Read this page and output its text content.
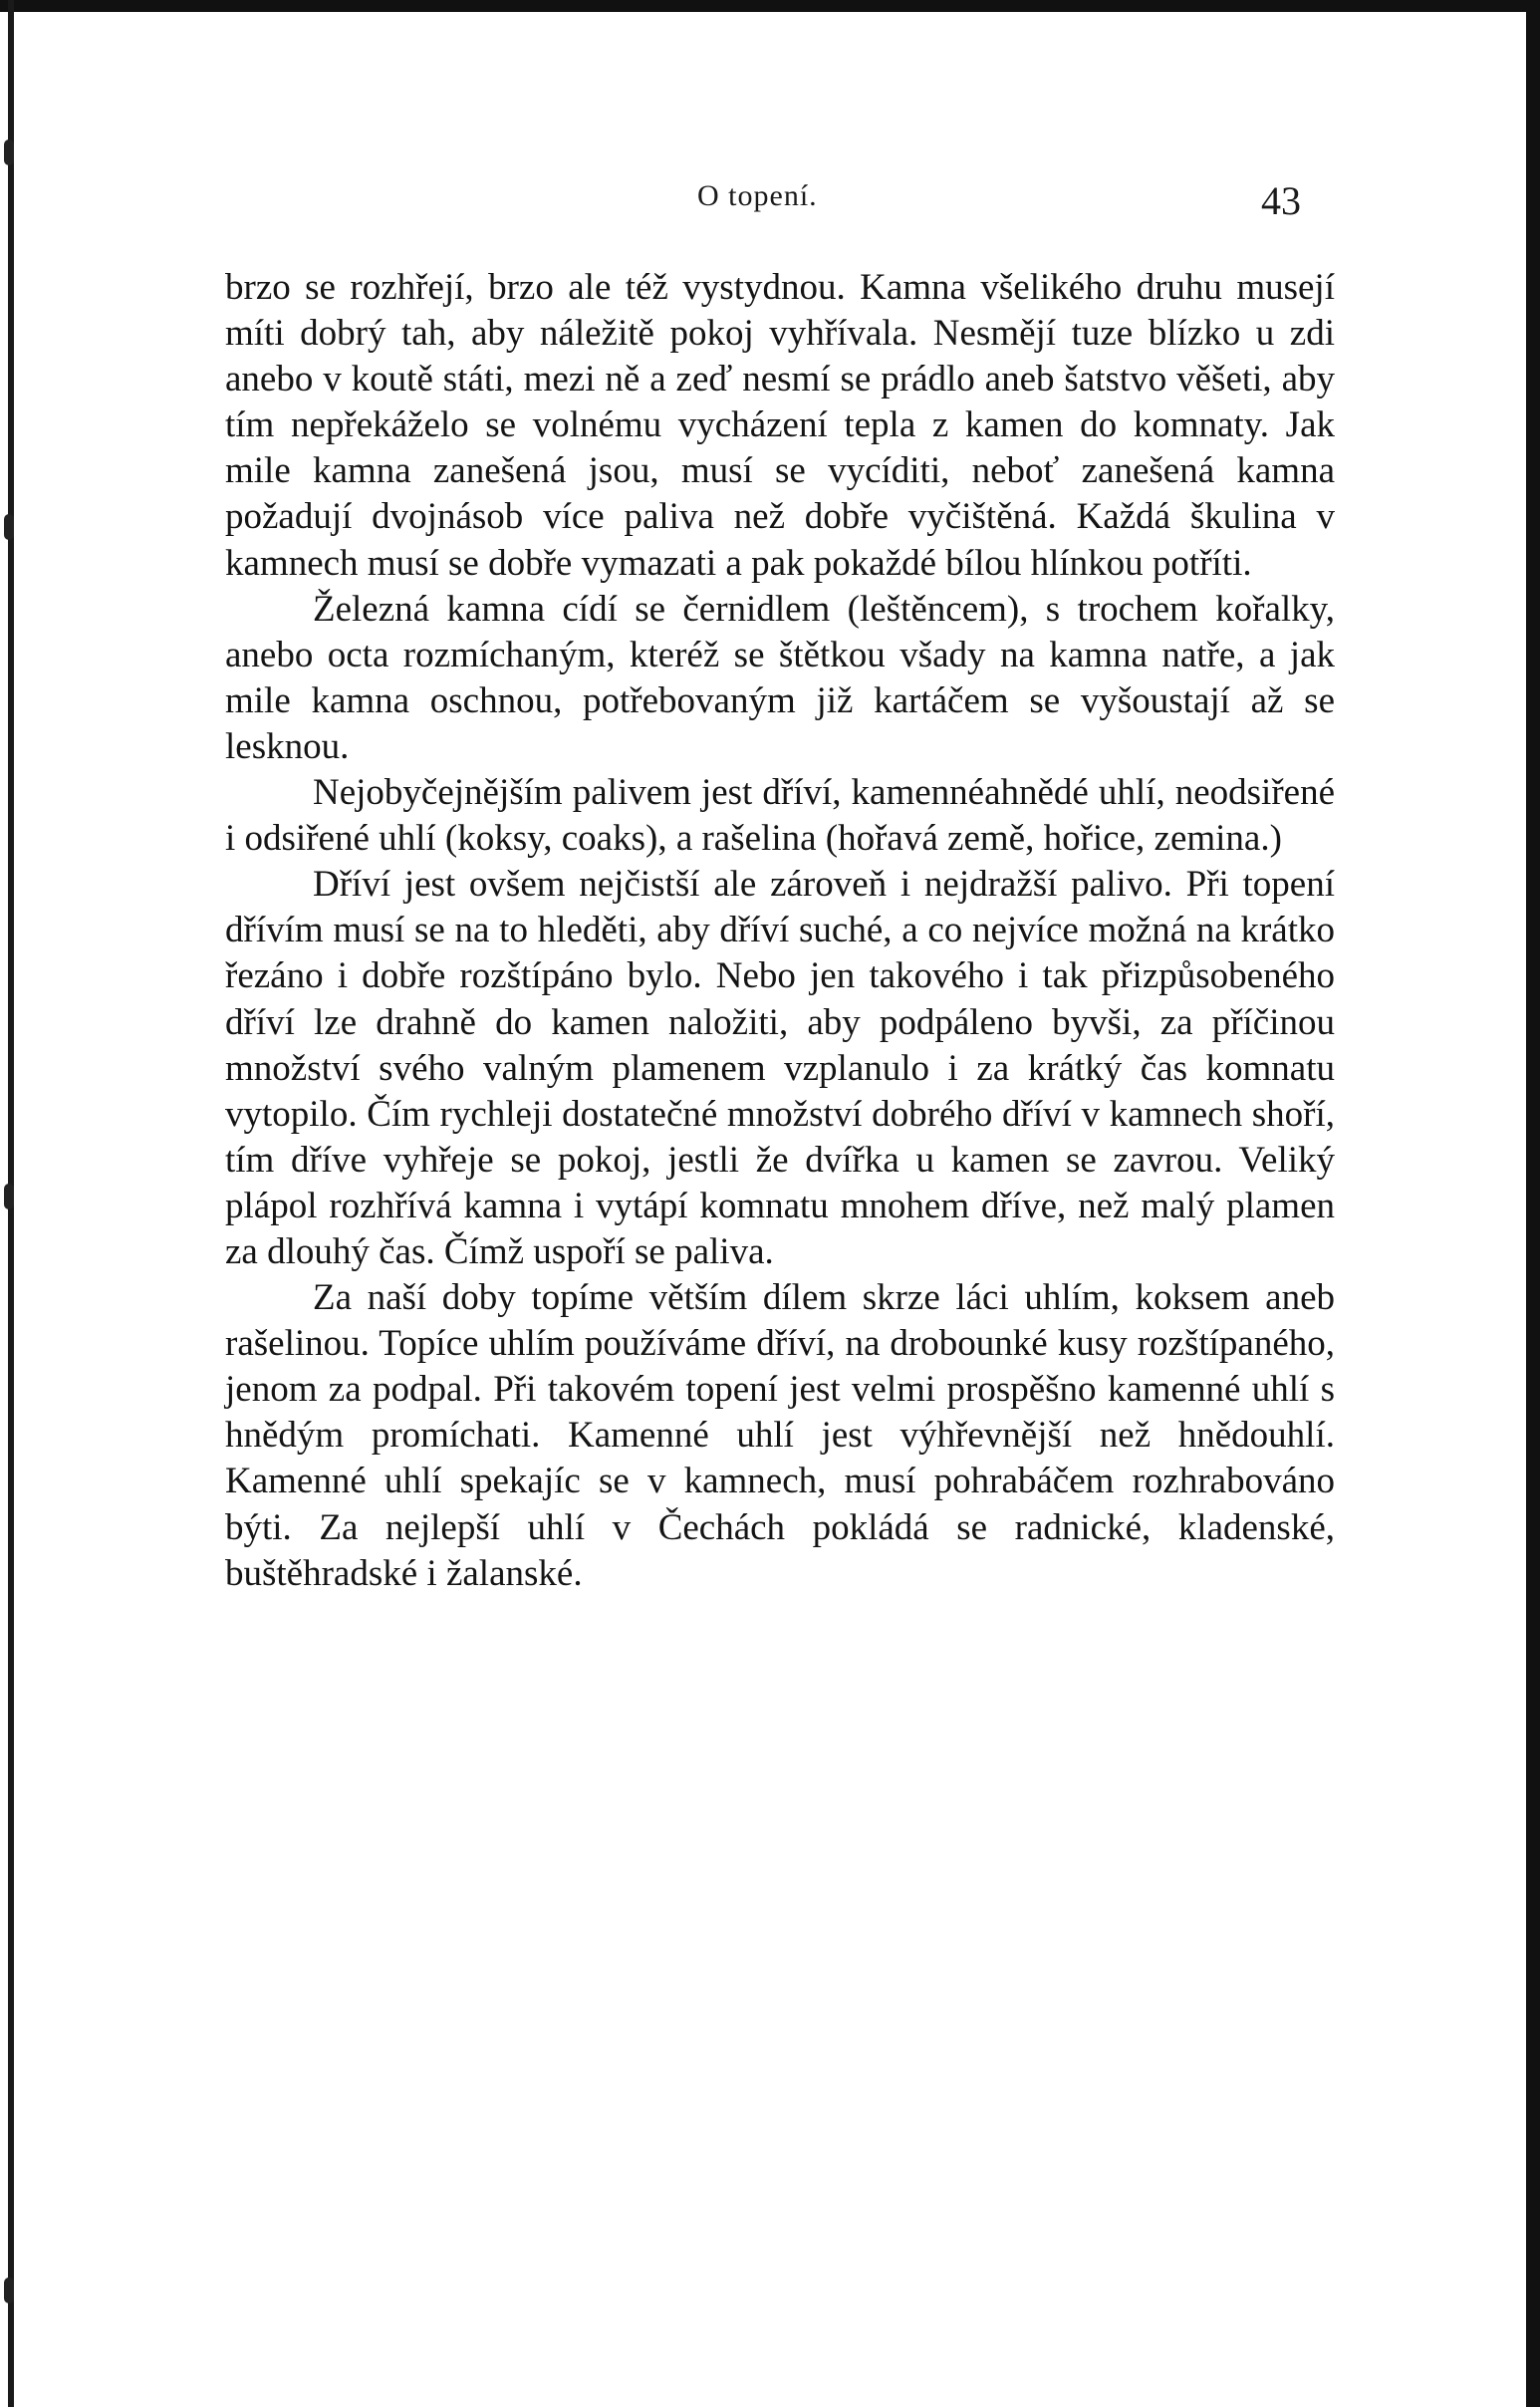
O topení.	43

brzo se rozhřejí, brzo ale též vystydnou. Kamna všelikého druhu musejí míti dobrý tah, aby náležitě pokoj vyhřívala. Nesmějí tuze blízko u zdi anebo v koutě státi, mezi ně a zeď nesmí se prádlo aneb šatstvo věšeti, aby tím nepřekáželo se volnému vycházení tepla z kamen do komnaty. Jak mile kamna zanešená jsou, musí se vycíditi, neboť zanešená kamna požadují dvojnásob více paliva než dobře vyčištěná. Každá škulina v kamnech musí se dobře vymazati a pak pokaždé bílou hlínkou potříti.

Železná kamna cídí se černidlem (leštěncem), s trochem kořalky, anebo octa rozmíchaným, kteréž se štětkou všady na kamna natře, a jak mile kamna oschnou, potřebovaným již kartáčem se vyšoustají až se lesknou.

Nejobyčejnějším palivem jest dříví, kamennéahnědé uhlí, neodsiřené i odsiřené uhlí (koksy, coaks), a rašelina (hořavá země, hořice, zemina.)

Dříví jest ovšem nejčistší ale zároveň i nejdražší palivo. Při topení dřívím musí se na to hleděti, aby dříví suché, a co nejvíce možná na krátko řezáno i dobře rozštípáno bylo. Nebo jen takového i tak přizpůsobeného dříví lze drahně do kamen naložiti, aby podpáleno byvši, za příčinou množství svého valným plamenem vzplanulo i za krátký čas komnatu vytopilo. Čím rychleji dostatečné množství dobrého dříví v kamnech shoří, tím dříve vyhřeje se pokoj, jestli že dvířka u kamen se zavrou. Veliký plápol rozhřívá kamna i vytápí komnatu mnohem dříve, než malý plamen za dlouhý čas. Čímž uspoří se paliva.

Za naší doby topíme větším dílem skrze láci uhlím, koksem aneb rašelinou. Topíce uhlím používáme dříví, na drobounké kusy rozštípaného, jenom za podpal. Při takovém topení jest velmi prospěšno kamenné uhlí s hnědým promíchati. Kamenné uhlí jest výhřevnější než hnědouhlí. Kamenné uhlí spekajíc se v kamnech, musí pohrabáčem rozhrabováno býti. Za nejlepší uhlí v Čechách pokládá se radnické, kladenské, buštěhradské i žalanské.
